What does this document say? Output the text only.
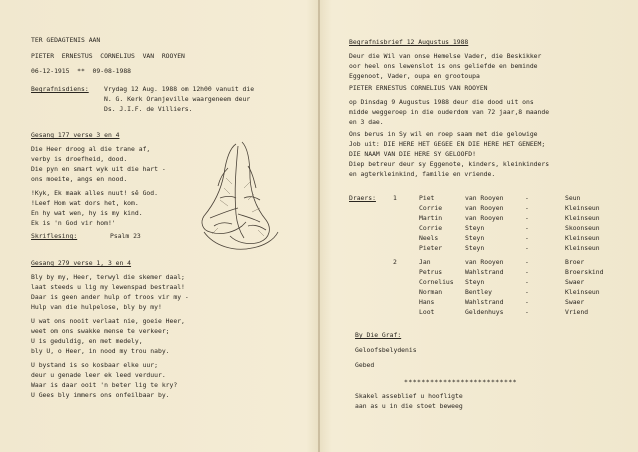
TER GEDAGTENIS AAN
PIETER  ERNESTUS  CORNELIUS  VAN  ROOYEN
06-12-1915  **  09-08-1988
Begrafnisdiens: Vrydag 12 Aug. 1988 om 12h00 vanuit die
N. G. Kerk Oranjeville waargeneem deur
Ds. J.I.F. de Villiers.
Gesang 177 verse 3 en 4
Die Heer droog al die trane af,
verby is droefheid, dood.
Die pyn en smart wyk uit die hart -
ons moeite, angs en nood.
!Kyk, Ek maak alles nuut! sê God.
!Leef Hom wat dors het, kom.
En hy wat wen, hy is my kind.
Ek is 'n God vir hom!'
Skriflesing:	Psalm 23
Gesang 279 verse 1, 3 en 4
Bly by my, Heer, terwyl die skemer daal;
laat steeds u lig my lewenspad bestraal!
Daar is geen ander hulp of troos vir my -
Hulp van die hulpelose, bly by my!
U wat ons nooit verlaat nie, goeie Heer,
weet om ons swakke mense te verkeer;
U is geduldig, en met medely,
bly U, o Heer, in nood my trou naby.
U bystand is so kosbaar elke uur;
deur u genade leer ek leed verduur.
Waar is daar ooit 'n beter lig te kry?
U Gees bly immers ons onfeilbaar by.
Begrafnisbrief 12 Augustus 1988
Deur die Wil van onse Hemelse Vader, die Beskikker
oor heel ons lewenslot is ons geliefde en beminde
Eggenoot, Vader, oupa en grootoupa
PIETER ERNESTUS CORNELIUS VAN ROOYEN
op Dinsdag 9 Augustus 1988 deur die dood uit ons
midde weggeroep in die ouderdom van 72 jaar,8 maande
en 3 dae.
Ons berus in Sy wil en roep saam met die gelowige
Job uit: DIE HERE HET GEGEE EN DIE HERE HET GENEEM;
DIE NAAM VAN DIE HERE SY GELOOFD!
Diep betreur deur sy Eggenote, kinders, kleinkinders
en agterkleinkind, familie en vriende.
Draers:	1	Piet	van Rooyen	-	Seun
Corrie	van Rooyen	-	Kleinseun
Martin	van Rooyen	-	Kleinseun
Corrie	Steyn	-	Skoonseun
Neels	Steyn	-	Kleinseun
Pieter	Steyn	-	Kleinseun
2	Jan	van Rooyen	-	Broer
Petrus	Wahlstrand	-	Broerskind
Cornelius Steyn	-	Swaer
Norman	Bentley	-	Kleinseun
Hans	Wahlstrand	-	Swaer
Loot	Geldenhuys	-	Vriend
By Die Graf:
Geloofsbelydenis
Gebed
**************************
Skakel asseblief u hoofligte
aan as u in die stoet beweeg
